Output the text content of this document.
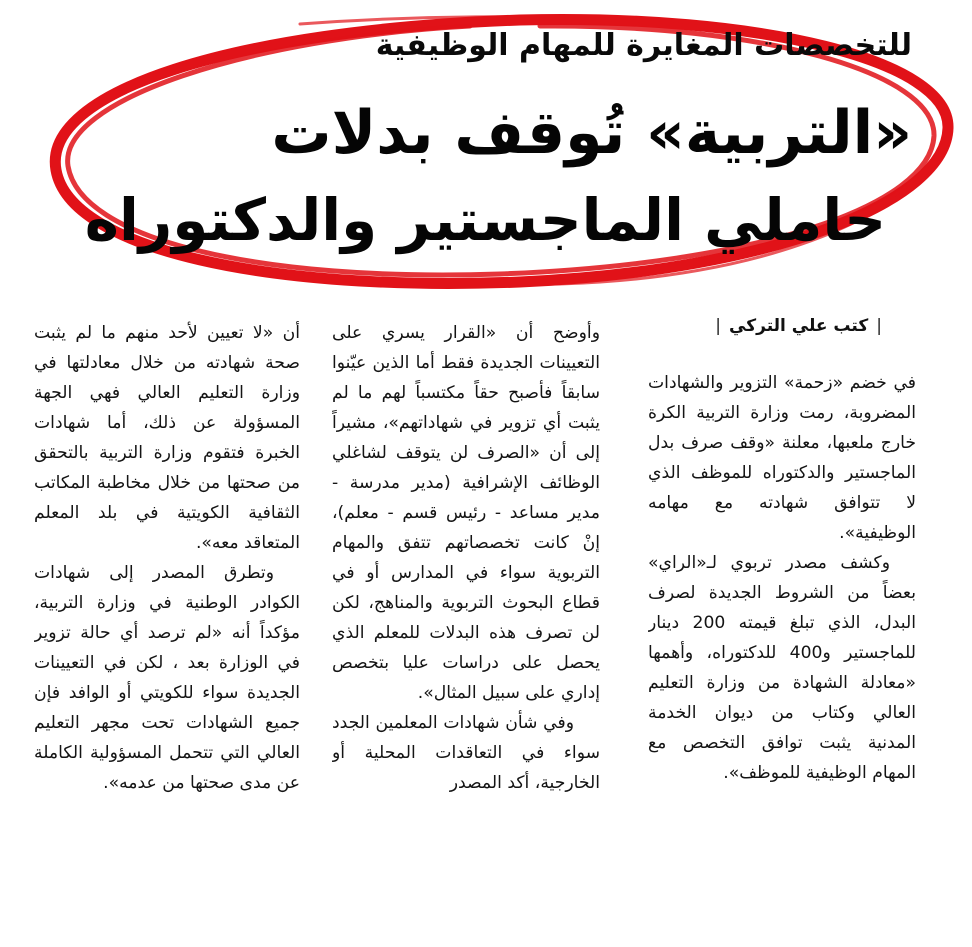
للتخصصات المغايرة للمهام الوظيفية
«التربية» تُوقف بدلات
حاملي الماجستير والدكتوراه
|كتب علي التركي|

في خضم «زحمة» التزوير والشهادات المضروبة، رمت وزارة التربية الكرة خارج ملعبها، معلنة «وقف صرف بدل الماجستير والدكتوراه للموظف الذي لا تتوافق شهادته مع مهامه الوظيفية».

وكشف مصدر تربوي لـ«الراي» بعضاً من الشروط الجديدة لصرف البدل، الذي تبلغ قيمته 200 دينار للماجستير و400 للدكتوراه، وأهمها «معادلة الشهادة من وزارة التعليم العالي وكتاب من ديوان الخدمة المدنية يثبت توافق التخصص مع المهام الوظيفية للموظف».

وأوضح أن «القرار يسري على التعيينات الجديدة فقط أما الذين عيّنوا سابقاً فأصبح حقاً مكتسباً لهم ما لم يثبت أي تزوير في شهاداتهم»، مشيراً إلى أن «الصرف لن يتوقف لشاغلي الوظائف الإشرافية (مدير مدرسة - مدير مساعد - رئيس قسم - معلم)، إنْ كانت تخصصاتهم تتفق والمهام التربوية سواء في المدارس أو في قطاع البحوث التربوية والمناهج، لكن لن تصرف هذه البدلات للمعلم الذي يحصل على دراسات عليا بتخصص إداري على سبيل المثال».

وفي شأن شهادات المعلمين الجدد سواء في التعاقدات المحلية أو الخارجية، أكد المصدر

أن «لا تعيين لأحد منهم ما لم يثبت صحة شهادته من خلال معادلتها في وزارة التعليم العالي فهي الجهة المسؤولة عن ذلك، أما شهادات الخبرة فتقوم وزارة التربية بالتحقق من صحتها من خلال مخاطبة المكاتب الثقافية الكويتية في بلد المعلم المتعاقد معه».

وتطرق المصدر إلى شهادات الكوادر الوطنية في وزارة التربية، مؤكداً أنه «لم ترصد أي حالة تزوير في الوزارة بعد ، لكن في التعيينات الجديدة سواء للكويتي أو الوافد فإن جميع الشهادات تحت مجهر التعليم العالي التي تتحمل المسؤولية الكاملة عن مدى صحتها من عدمه».
